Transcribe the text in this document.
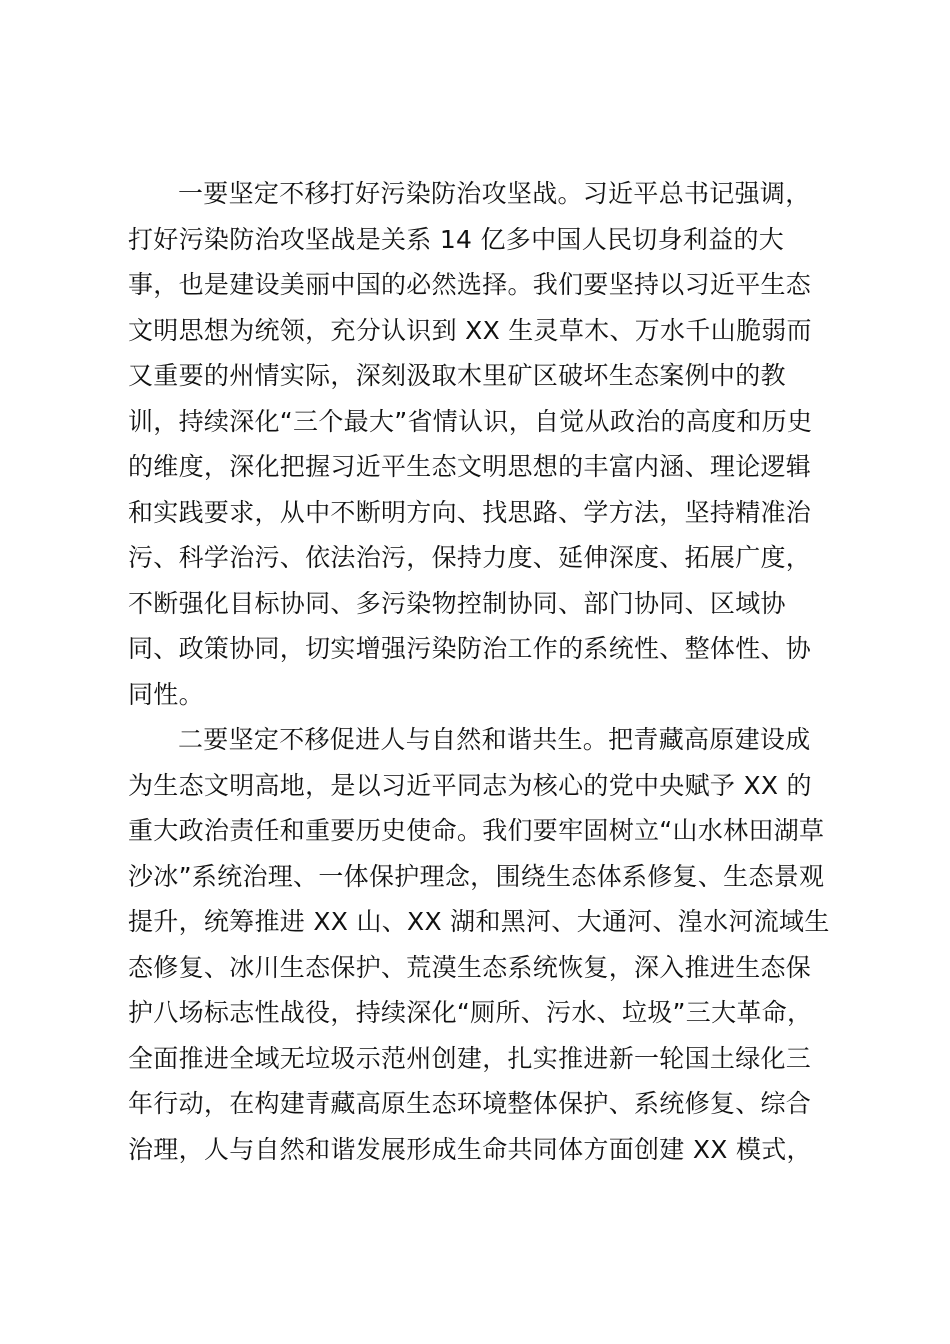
一要坚定不移打好污染防治攻坚战。习近平总书记强调，
打好污染防治攻坚战是关系 14 亿多中国人民切身利益的大
事，也是建设美丽中国的必然选择。我们要坚持以习近平生态
文明思想为统领，充分认识到 XX 生灵草木、万水千山脆弱而
又重要的州情实际，深刻汲取木里矿区破坏生态案例中的教
训，持续深化“三个最大”省情认识，自觉从政治的高度和历史
的维度，深化把握习近平生态文明思想的丰富内涵、理论逻辑
和实践要求，从中不断明方向、找思路、学方法，坚持精准治
污、科学治污、依法治污，保持力度、延伸深度、拓展广度，
不断强化目标协同、多污染物控制协同、部门协同、区域协
同、政策协同，切实增强污染防治工作的系统性、整体性、协
同性。
二要坚定不移促进人与自然和谐共生。把青藏高原建设成
为生态文明高地，是以习近平同志为核心的党中央赋予 XX 的
重大政治责任和重要历史使命。我们要牢固树立“山水林田湖草
沙冰”系统治理、一体保护理念，围绕生态体系修复、生态景观
提升，统筹推进 XX 山、XX 湖和黑河、大通河、湟水河流域生
态修复、冰川生态保护、荒漠生态系统恢复，深入推进生态保
护八场标志性战役，持续深化“厕所、污水、垃圾”三大革命，
全面推进全域无垃圾示范州创建，扎实推进新一轮国土绿化三
年行动，在构建青藏高原生态环境整体保护、系统修复、综合
治理，人与自然和谐发展形成生命共同体方面创建 XX 模式，
